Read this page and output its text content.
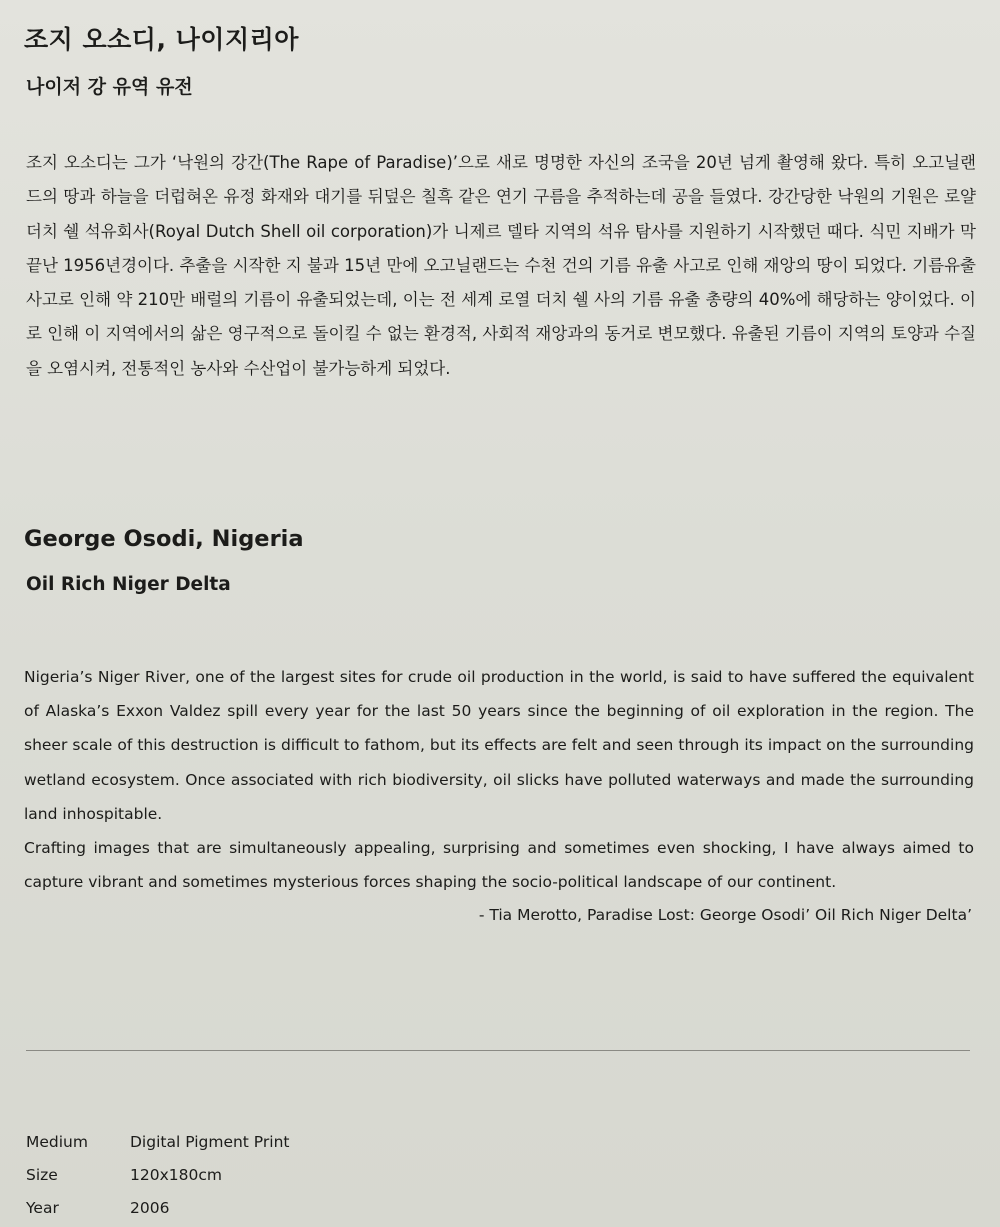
조지 오소디, 나이지리아
나이저 강 유역 유전

조지 오소디는 그가 ‘낙원의 강간(The Rape of Paradise)’으로 새로 명명한 자신의 조국을 20년 넘게 촬영해 왔다. 특히 오고닐랜드의 땅과 하늘을 더럽혀온 유정 화재와 대기를 뒤덮은 칠흑 같은 연기 구름을 추적하는데 공을 들였다. 강간당한 낙원의 기원은 로얄더치 쉘 석유회사(Royal Dutch Shell oil corporation)가 니제르 델타 지역의 석유 탐사를 지원하기 시작했던 때다. 식민 지배가 막 끝난 1956년경이다. 추출을 시작한 지 불과 15년 만에 오고닐랜드는 수천 건의 기름 유출 사고로 인해 재앙의 땅이 되었다. 기름유출사고로 인해 약 210만 배럴의 기름이 유출되었는데, 이는 전 세계 로열 더치 쉘 사의 기름 유출 총량의 40%에 해당하는 양이었다. 이로 인해 이 지역에서의 삶은 영구적으로 돌이킬 수 없는 환경적, 사회적 재앙과의 동거로 변모했다. 유출된 기름이 지역의 토양과 수질을 오염시켜, 전통적인 농사와 수산업이 불가능하게 되었다.

George Osodi, Nigeria
Oil Rich Niger Delta

Nigeria’s Niger River, one of the largest sites for crude oil production in the world, is said to have suffered the equivalent of Alaska’s Exxon Valdez spill every year for the last 50 years since the beginning of oil exploration in the region. The sheer scale of this destruction is difficult to fathom, but its effects are felt and seen through its impact on the surrounding wetland ecosystem. Once associated with rich biodiversity, oil slicks have polluted waterways and made the surrounding land inhospitable.

Crafting images that are simultaneously appealing, surprising and sometimes even shocking, I have always aimed to capture vibrant and sometimes mysterious forces shaping the socio-political landscape of our continent.

- Tia Merotto, Paradise Lost: George Osodi’ Oil Rich Niger Delta’

Medium	Digital Pigment Print
Size	120x180cm
Year	2006
